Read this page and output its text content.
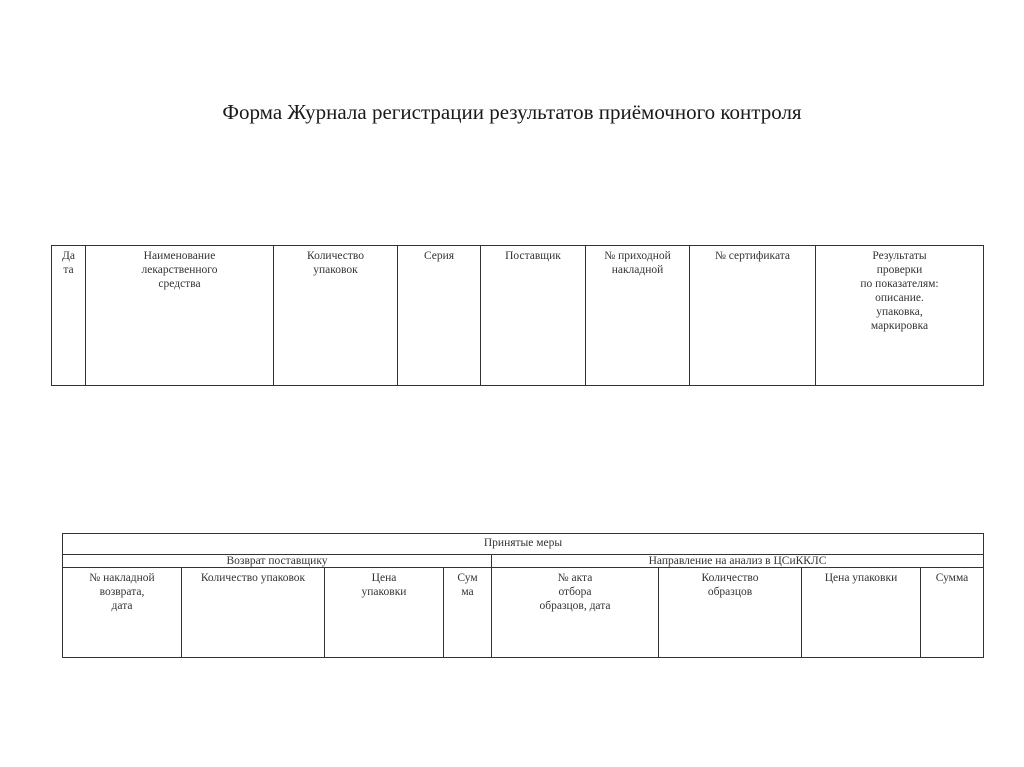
Форма Журнала регистрации результатов приёмочного контроля
Да
та	Наименование
лекарственного
средства	Количество
упаковок	Серия	Поставщик	№ приходной
накладной	№ сертификата	Результаты
проверки
по показателям:
описание.
упаковка,
маркировка
Принятые меры							
Возврат поставщику				Направление на анализ в ЦСиККЛС			
№ накладной
возврата,
дата	Количество упаковок	Цена
упаковки	Сум
ма	№ акта
отбора
образцов, дата	Количество
образцов	Цена упаковки	Сумма
